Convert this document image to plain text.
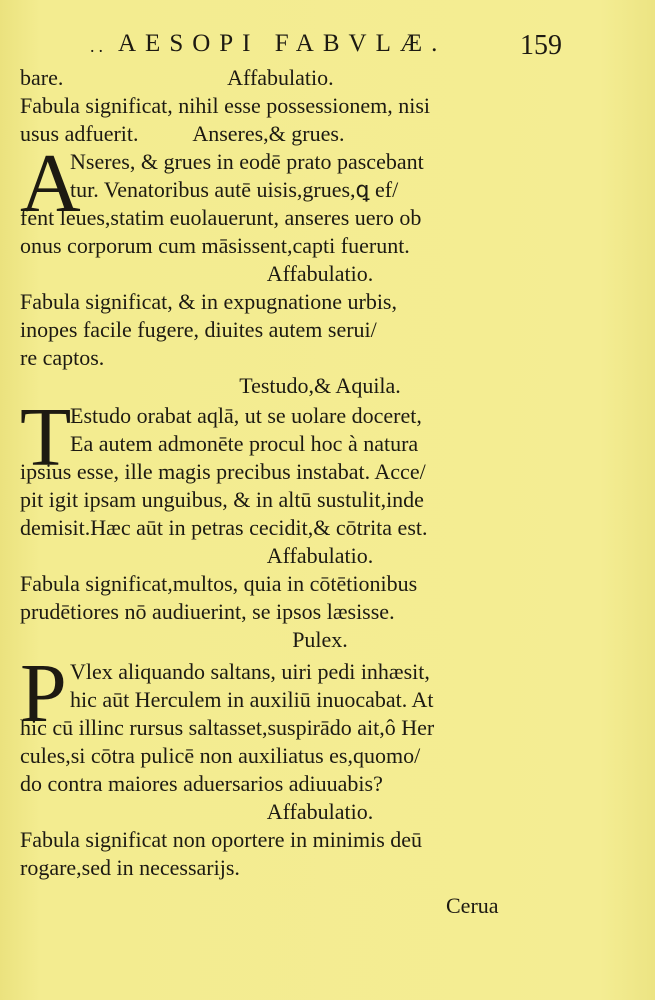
.. AESOPI FABVLÆ.	159
bare.                              Affabulatio.
Fabula significat, nihil esse possessionem, nisi
usus adfuerit.          Anseres,& grues.
A
Nseres, & grues in eodē prato pascebant
tur. Venatoribus autē uisis,grues,ꝗ ef/
fent leues,statim euolauerunt, anseres uero ob
onus corporum cum māsissent,capti fuerunt.
Affabulatio.
Fabula significat, & in expugnatione urbis,
inopes facile fugere, diuites autem serui/
re captos.
Testudo,& Aquila.
T
Estudo orabat aqlā, ut se uolare doceret,
Ea autem admonēte procul hoc à natura
ipsius esse, ille magis precibus instabat. Acce/
pit igit ipsam unguibus, & in altū sustulit,inde
demisit.Hæc aūt in petras cecidit,& cōtrita est.
Affabulatio.
Fabula significat,multos, quia in cōtētionibus
prudētiores nō audiuerint, se ipsos læsisse.
Pulex.
P Vlex aliquando saltans, uiri pedi inhæsit,
hic aūt Herculem in auxiliū inuocabat. At
hic cū illinc rursus saltasset,suspirādo ait,ô Her
cules,si cōtra pulicē non auxiliatus es,quomo/
do contra maiores aduersarios adiuuabis?
Affabulatio.
Fabula significat non oportere in minimis deū
rogare,sed in necessarijs.
Cerua
